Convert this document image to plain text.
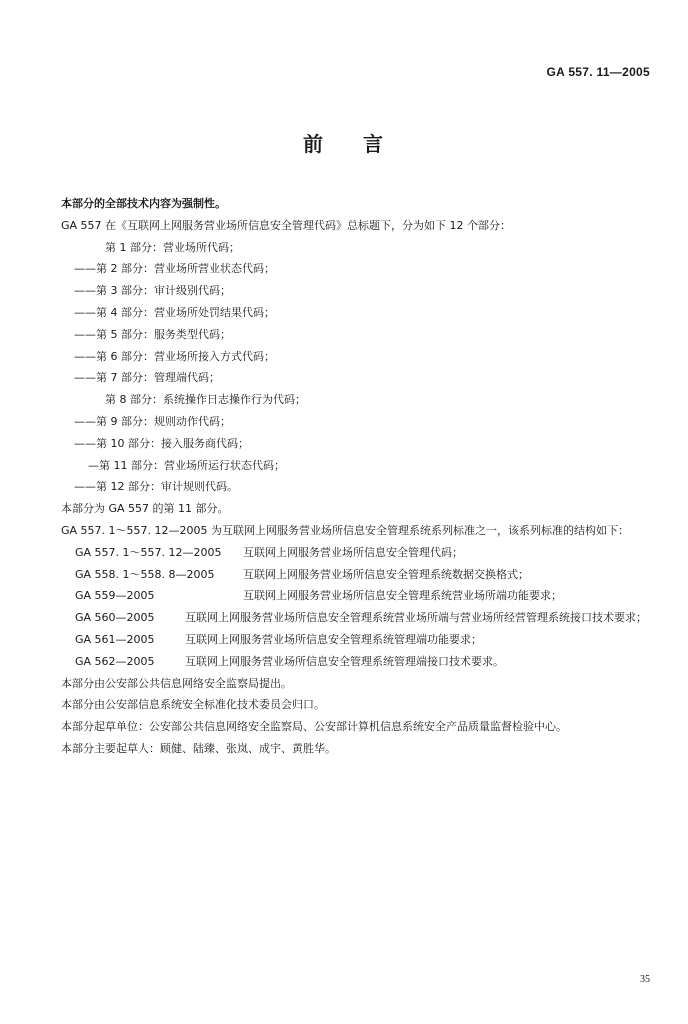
GA 557. 11—2005
前 言
本部分的全部技术内容为强制性。
GA 557 在《互联网上网服务营业场所信息安全管理代码》总标题下，分为如下 12 个部分：
第 1 部分：营业场所代码；
——第 2 部分：营业场所营业状态代码；
——第 3 部分：审计级别代码；
——第 4 部分：营业场所处罚结果代码；
——第 5 部分：服务类型代码；
——第 6 部分：营业场所接入方式代码；
——第 7 部分：管理端代码；
第 8 部分：系统操作日志操作行为代码；
——第 9 部分：规则动作代码；
——第 10 部分：接入服务商代码；
—第 11 部分：营业场所运行状态代码；
——第 12 部分：审计规则代码。
本部分为 GA 557 的第 11 部分。
GA 557. 1～557. 12—2005 为互联网上网服务营业场所信息安全管理系统系列标准之一，该系列标准的结构如下：
GA 557. 1～557. 12—2005 互联网上网服务营业场所信息安全管理代码；
GA 558. 1～558. 8—2005	互联网上网服务营业场所信息安全管理系统数据交换格式；
GA 559—2005	互联网上网服务营业场所信息安全管理系统营业场所端功能要求；
GA 560—2005	互联网上网服务营业场所信息安全管理系统营业场所端与营业场所经营管理系统接口技术要求；
GA 561—2005	互联网上网服务营业场所信息安全管理系统管理端功能要求；
GA 562—2005	互联网上网服务营业场所信息安全管理系统管理端接口技术要求。
本部分由公安部公共信息网络安全监察局提出。
本部分由公安部信息系统安全标准化技术委员会归口。
本部分起草单位：公安部公共信息网络安全监察局、公安部计算机信息系统安全产品质量监督检验中心。
本部分主要起草人：顾健、陆臻、张岚、成宇、黄胜华。
35
